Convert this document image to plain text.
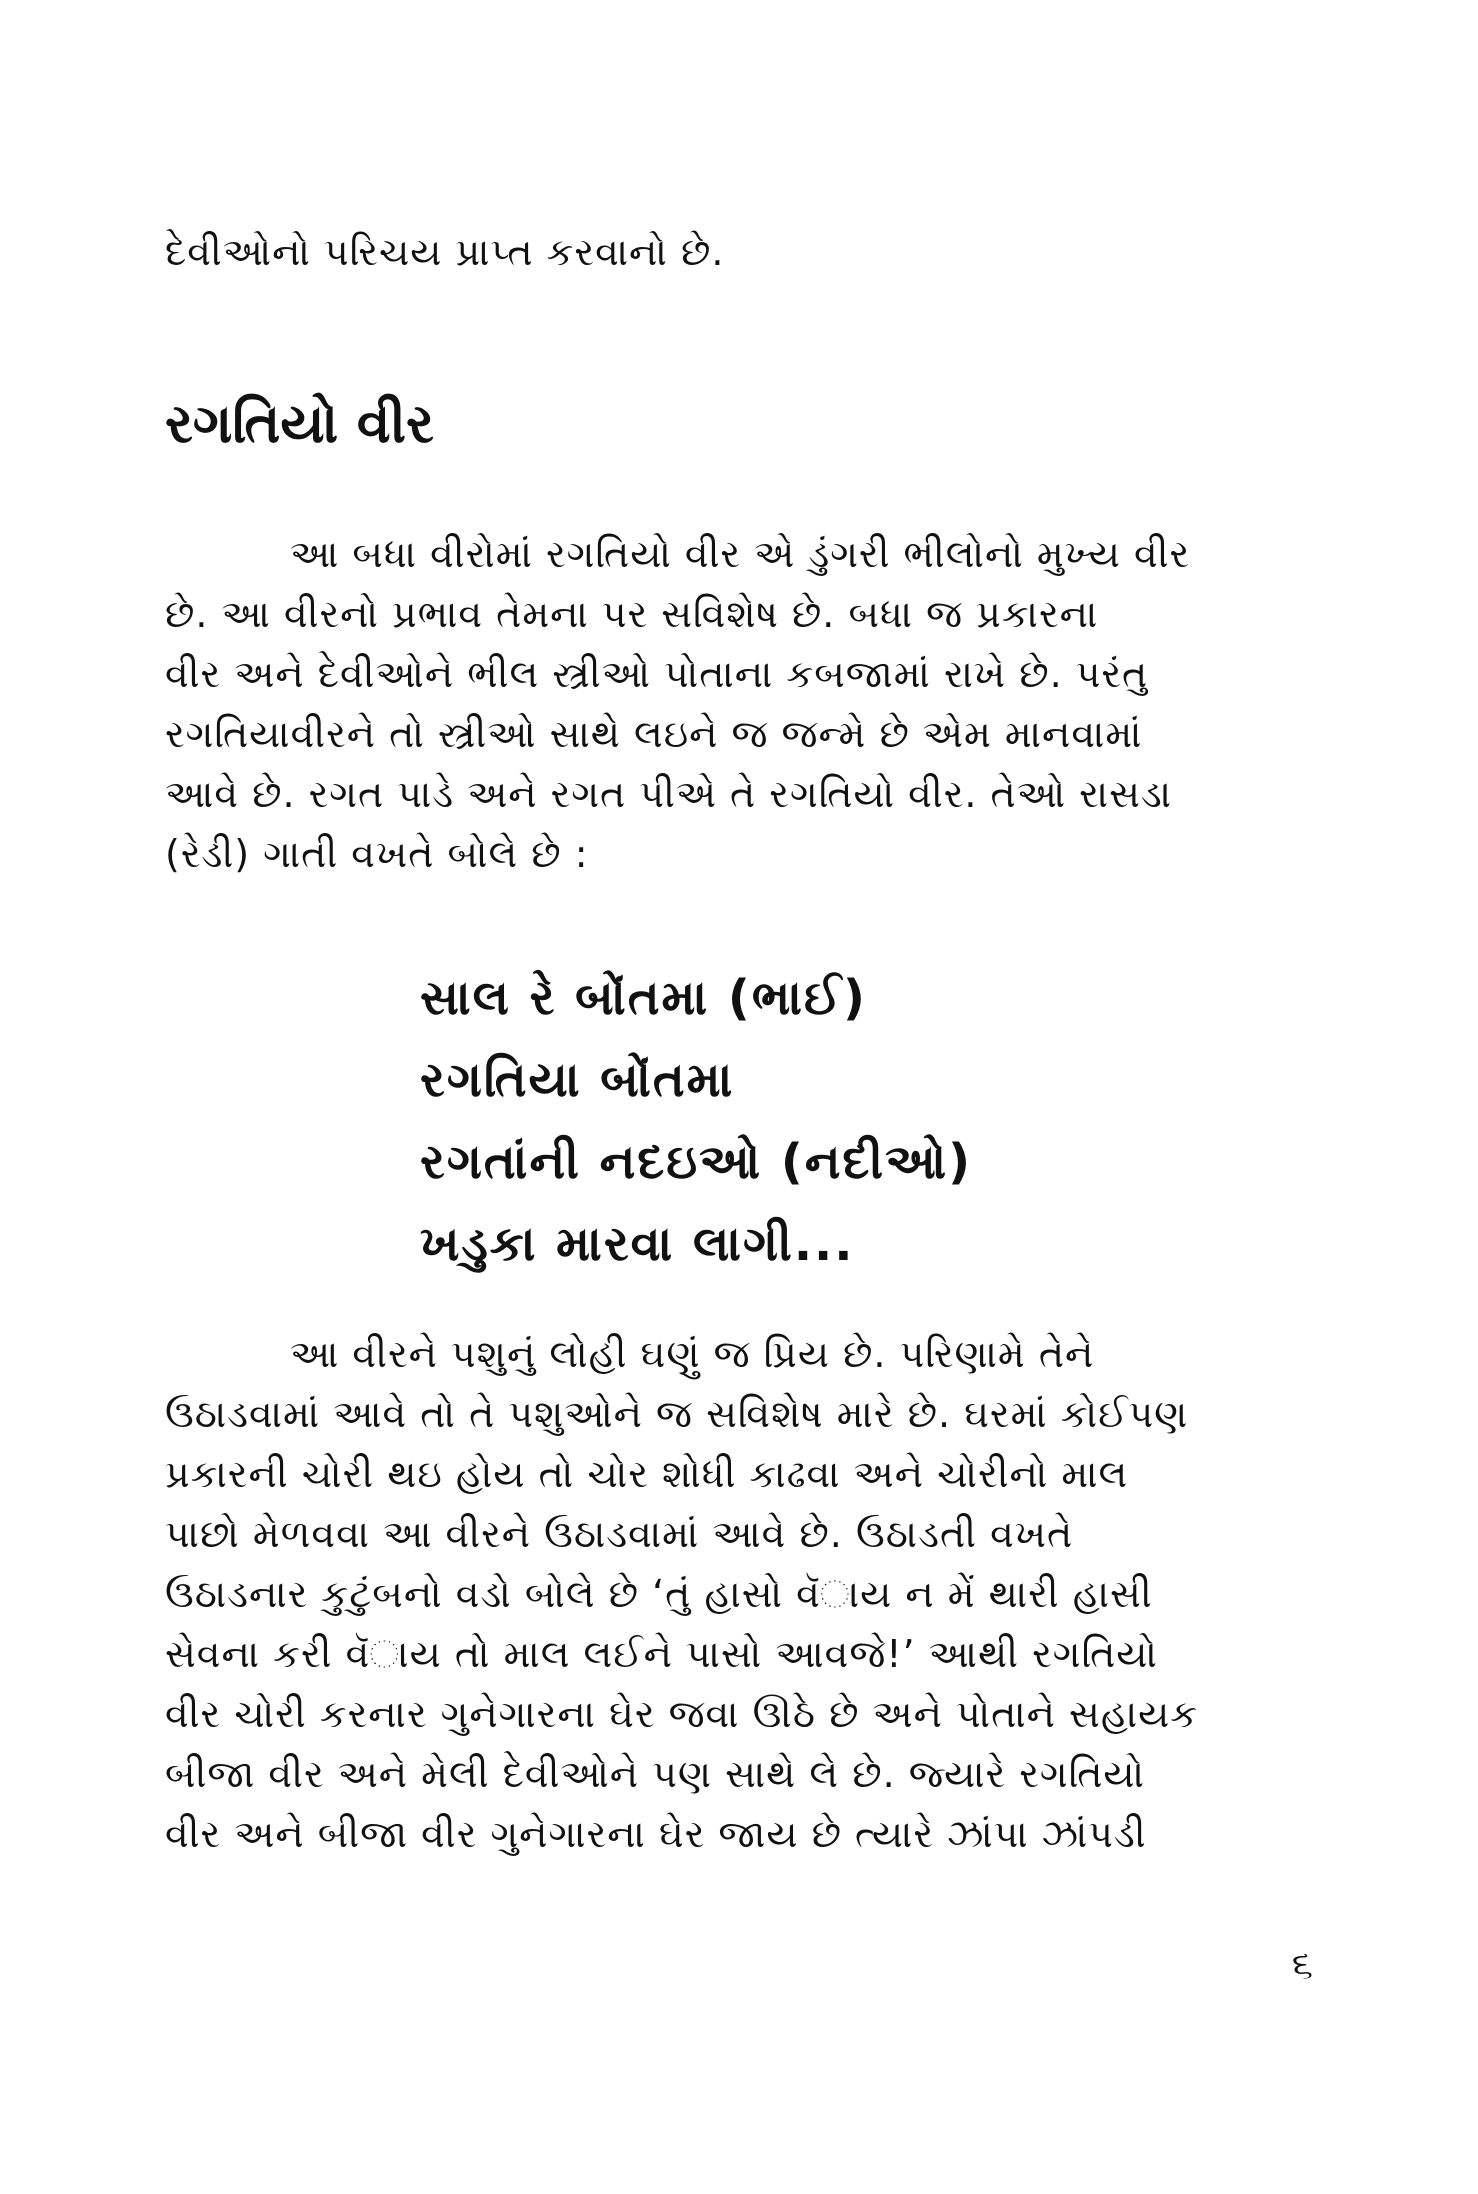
દેવીઓનો પરિચય પ્રાપ્ત કરવાનો છે.
રગતિયો વીર
આ બધા વીરોમાં રગતિયો વીર એ ડુંગરી ભીલોનો મુખ્ય વીર
છે. આ વીરનો પ્રભાવ તેમના પર સવિશેષ છે. બધા જ પ્રકારના
વીર અને દેવીઓને ભીલ સ્ત્રીઓ પોતાના કબજામાં રાખે છે. પરંતુ
રગતિયાવીરને તો સ્ત્રીઓ સાથે લઇને જ જન્મે છે એમ માનવામાં
આવે છે. રગત પાડે અને રગત પીએ તે રગતિયો વીર. તેઓ રાસડા
(રેડી) ગાતી વખતે બોલે છે :
સાલ રે બોંતમા (ભાઈ)
રગતિયા બોંતમા
રગતાંની નદઇઓ (નદીઓ)
ખડુકા મારવા લાગી...
આ વીરને પશુનું લોહી ઘણું જ પ્રિય છે. પરિણામે તેને
ઉઠાડવામાં આવે તો તે પશુઓને જ સવિશેષ મારે છે. ઘરમાં કોઈપણ
પ્રકારની ચોરી થઇ હોય તો ચોર શોધી કાઢવા અને ચોરીનો માલ
પાછો મેળવવા આ વીરને ઉઠાડવામાં આવે છે. ઉઠાડતી વખતે
ઉઠાડનાર કુટુંબનો વડો બોલે છે ‘તું હાસો વૅાય ન મેં થારી હાસી
સેવના કરી વૅાય તો માલ લઈને પાસો આવજે!’ આથી રગતિયો
વીર ચોરી કરનાર ગુનેગારના ઘેર જવા ઊઠે છે અને પોતાને સહાયક
બીજા વીર અને મેલી દેવીઓને પણ સાથે લે છે. જ્યારે રગતિયો
વીર અને બીજા વીર ગુનેગારના ઘેર જાય છે ત્યારે ઝાંપા ઝાંપડી
૬
